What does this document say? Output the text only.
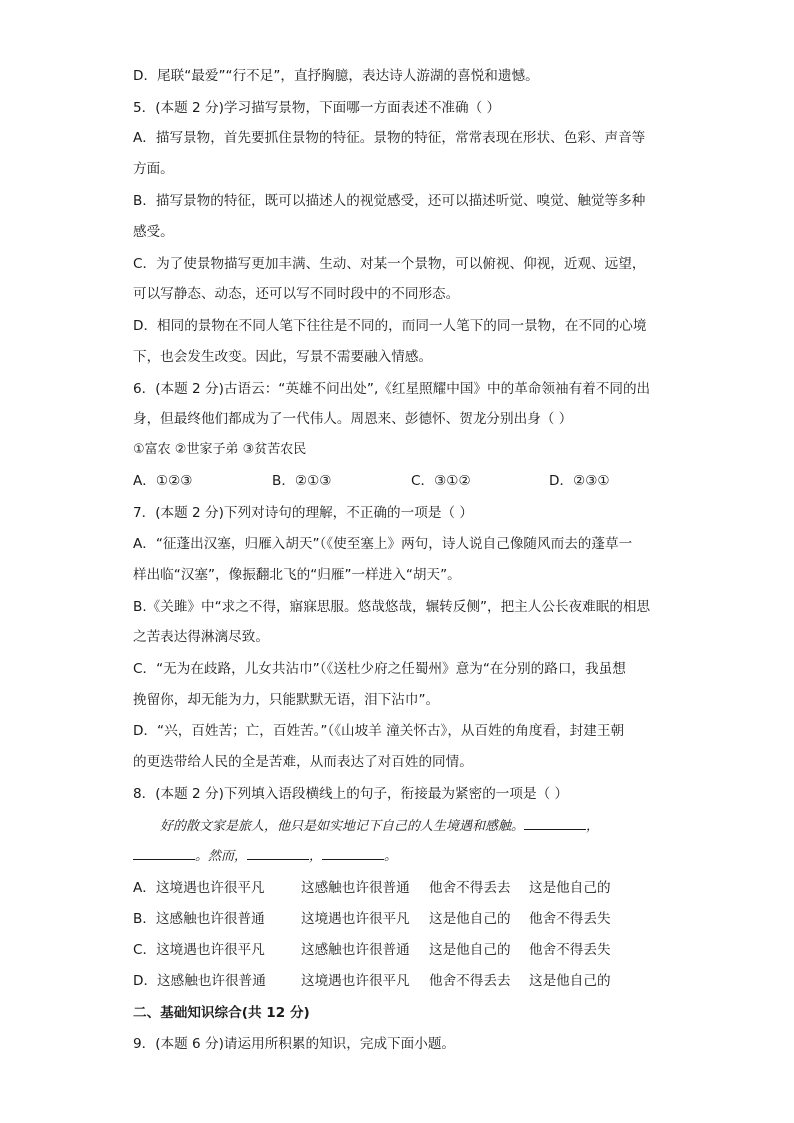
D．尾联“最爱”“行不足”，直抒胸臆，表达诗人游湖的喜悦和遗憾。

5．(本题 2 分)学习描写景物，下面哪一方面表述不准确（ ）

A．描写景物，首先要抓住景物的特征。景物的特征，常常表现在形状、色彩、声音等

方面。

B．描写景物的特征，既可以描述人的视觉感受，还可以描述听觉、嗅觉、触觉等多种

感受。

C．为了使景物描写更加丰满、生动、对某一个景物，可以俯视、仰视，近观、远望，

可以写静态、动态，还可以写不同时段中的不同形态。

D．相同的景物在不同人笔下往往是不同的，而同一人笔下的同一景物，在不同的心境

下，也会发生改变。因此，写景不需要融入情感。

6．(本题 2 分)古语云：“英雄不问出处”,《红星照耀中国》中的革命领袖有着不同的出

身，但最终他们都成为了一代伟人。周恩来、彭德怀、贺龙分别出身（ ）

①富农 ②世家子弟 ③贫苦农民

A．①②③	B．②①③	C．③①②	D．②③①

7．(本题 2 分)下列对诗句的理解，不正确的一项是（ ）

A．“征蓬出汉塞，归雁入胡天”（《使至塞上》两句，诗人说自己像随风而去的蓬草一

样出临“汉塞”，像振翻北飞的“归雁”一样进入“胡天”。

B.《关雎》中“求之不得，寤寐思服。悠哉悠哉，辗转反侧”，把主人公长夜难眠的相思

之苦表达得淋漓尽致。

C．“无为在歧路，儿女共沾巾”（《送杜少府之任蜀州》意为“在分别的路口，我虽想

挽留你，却无能为力，只能默默无语，泪下沾巾”。

D．“兴，百姓苦；亡，百姓苦。”（《山坡羊 潼关怀古》，从百姓的角度看，封建王朝

的更迭带给人民的全是苦难，从而表达了对百姓的同情。

8．(本题 2 分)下列填入语段横线上的句子，衔接最为紧密的一项是（ ）

好的散文家是旅人，他只是如实地记下自己的人生境遇和感触。	，

。然而，	，	。

A．这境遇也许很平凡	这感触也许很普通 他舍不得丢去 这是他自己的
B．这感触也许很普通	这境遇也许很平凡 这是他自己的 他舍不得丢失
C．这境遇也许很平凡	这感触也许很普通 这是他自己的 他舍不得丢失
D．这感触也许很普通	这境遇也许很平凡 他舍不得丢去 这是他自己的

二、基础知识综合(共 12 分)

9．(本题 6 分)请运用所积累的知识，完成下面小题。
